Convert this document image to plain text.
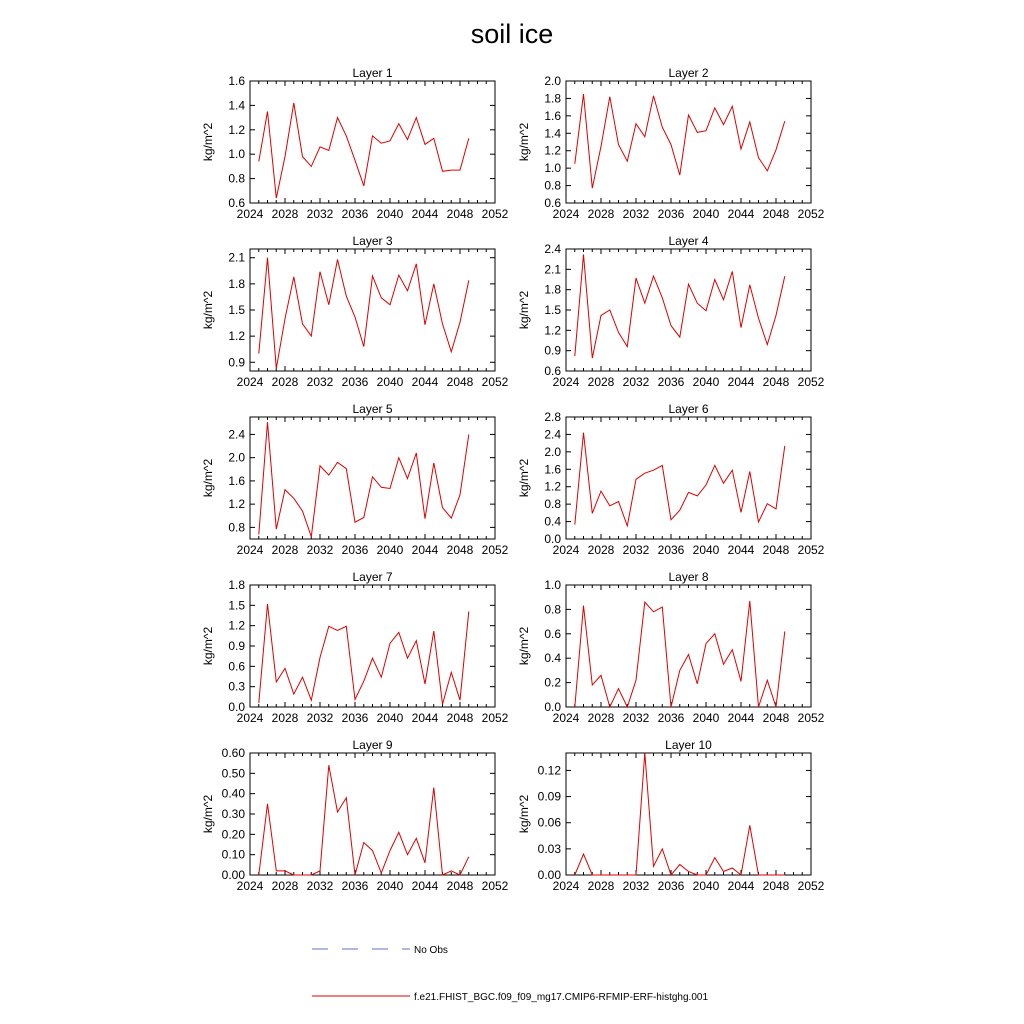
soil ice
Layer 1
kg/m^2
2024 2028 2032 2036 2040 2044 2048 2052
0.6
0.8
1.0
1.2
1.4
1.6
Layer 2
kg/m^2
2024 2028 2032 2036 2040 2044 2048 2052
0.6
0.8
1.0
1.2
1.4
1.6
1.8
2.0
Layer 3
kg/m^2
2024 2028 2032 2036 2040 2044 2048 2052
0.9
1.2
1.5
1.8
2.1
Layer 4
kg/m^2
2024 2028 2032 2036 2040 2044 2048 2052
0.6
0.9
1.2
1.5
1.8
2.1
2.4
Layer 5
kg/m^2
2024 2028 2032 2036 2040 2044 2048 2052
0.8
1.2
1.6
2.0
2.4
Layer 6
kg/m^2
2024 2028 2032 2036 2040 2044 2048 2052
0.0
0.4
0.8
1.2
1.6
2.0
2.4
2.8
Layer 7
kg/m^2
2024 2028 2032 2036 2040 2044 2048 2052
0.0
0.3
0.6
0.9
1.2
1.5
1.8
Layer 8
kg/m^2
2024 2028 2032 2036 2040 2044 2048 2052
0.0
0.2
0.4
0.6
0.8
1.0
Layer 9
kg/m^2
2024 2028 2032 2036 2040 2044 2048 2052
0.00
0.10
0.20
0.30
0.40
0.50
0.60
Layer 10
kg/m^2
2024 2028 2032 2036 2040 2044 2048 2052
0.00
0.03
0.06
0.09
0.12
No Obs
f.e21.FHIST_BGC.f09_f09_mg17.CMIP6-RFMIP-ERF-histghg.001
